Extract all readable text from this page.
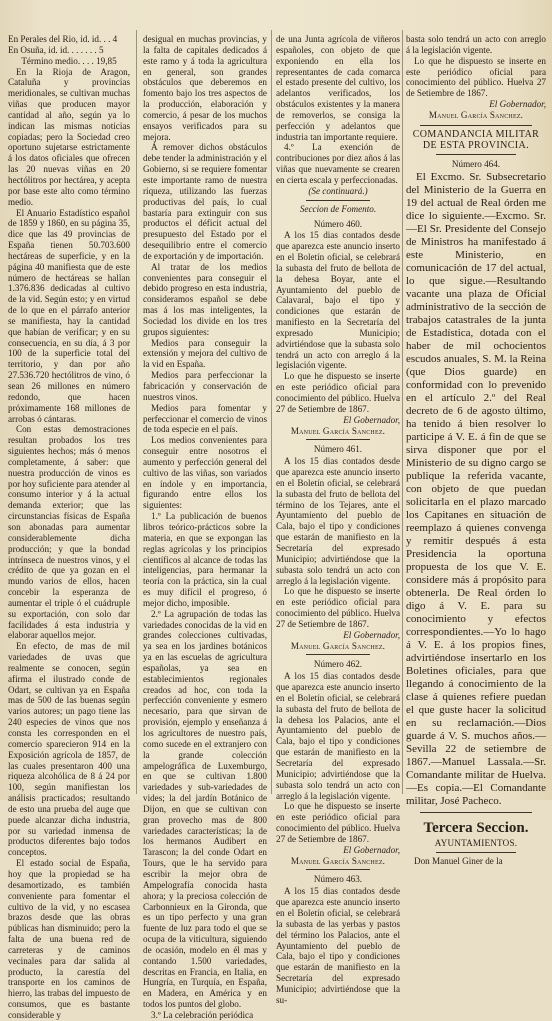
En Perales del Rio, id. id. . . 4

En Osuña, id. id. . . . . . . 5

Término medio. . . . 19,85

En la Rioja de Aragon, Cataluña y provincias meridionales, se cultivan muchas viñas que producen mayor cantidad al año, según ya lo indican las mismas noticias copiadas; pero la Sociedad creo oportuno sujetarse estrictamente á los datos oficiales que ofrecen las 20 nuevas viñas en 20 hectólitros por hectárea, y acepta por base este alto como término medio.

El Anuario Estadístico español de 1859 y 1860, en su página 35, dice que las 49 provincias de España tienen 50.703.600 hectáreas de superficie, y en la página 40 manifiesta que de este número de hectáreas se hallan 1.376.836 dedicadas al cultivo de la vid. Según esto; y en virtud de lo que en el párrafo anterior se manifiesta, hay la cantidad que habían de verificar; y en su consecuencia, en su día, á 3 por 100 de la superficie total del territorio, y dan por año 27.536.720 hectólitros de vino, ó sean 26 millones en número redondo, que hacen próximamente 168 millones de arrobas ó cántaras.

Con estas demostraciones resultan probados los tres siguientes hechos; más ó menos completamente, á saber: que nuestra producción de vinos es por hoy suficiente para atender al consumo interior y á la actual demanda exterior; que las circunstancias físicas de España son abonadas para aumentar considerablemente dicha producción; y que la bondad intrínseca de nuestros vinos, y el crédito de que ya gozan en el mundo varios de ellos, hacen concebir la esperanza de aumentar el triple ó el cuádruple su exportación, con solo dar facilidades á esta industria y elaborar aquellos mejor.

En efecto, de mas de mil variedades de uvas que realmente se conocen, según afirma el ilustrado conde de Odart, se cultivan ya en España mas de 500 de las buenas según varios autores; un pago tiene las 240 especies de vinos que nos consta les corresponden en el comercio sparecieron 914 en la Exposición agrícola de 1857, de las cuales presentaron 400 una riqueza alcohólica de 8 á 24 por 100, según manifiestan los análisis practicados; resultando de esto una prueba del auge que puede alcanzar dicha industria, por su variedad inmensa de productos diferentes bajo todos conceptos.

El estado social de España, hoy que la propiedad se ha desamortizado, es también conveniente para fomentar el cultivo de la vid, y no escasea brazos desde que las obras públicas han disminuido; pero la falta de una buena red de carreteras y de caminos vecinales para dar salida al producto, la carestía del transporte en los caminos de hierro, las trabas del impuesto de consumos, que es bastante considerable y

desigual en muchas provincias, y la falta de capitales dedicados á este ramo y á toda la agricultura en general, son grandes obstáculos que deberemos en fomento bajo los tres aspectos de la producción, elaboración y comercio, á pesar de los muchos ensayos verificados para su mejora.

Á remover dichos obstáculos debe tender la administración y el Gobierno, si se requiere fomentar este importante ramo de nuestra riqueza, utilizando las fuerzas productivas del país, lo cual bastaría para extinguir con sus productos el déficit actual del presupuesto del Estado por el desequilibrio entre el comercio de exportación y de importación.

Al tratar de los medios convenientes para conseguir el debido progreso en esta industria, consideramos español se debe mas á los mas inteligentes, la Sociedad los divide en los tres grupos siguientes:

Medios para conseguir la extensión y mejora del cultivo de la vid en España.

Medios para perfeccionar la fabricación y conservación de nuestros vinos.

Medios para fomentar y perfeccionar el comercio de vinos de toda especie en el país.

Los medios convenientes para conseguir entre nosotros el aumento y perfección general del cultivo de las viñas, son variados en índole y en importancia, figurando entre ellos los siguientes:

1.º La publicación de buenos libros teórico-prácticos sobre la materia, en que se expongan las reglas agrícolas y los principios científicos al alcance de todas las inteligencias, para hermanar la teoría con la práctica, sin la cual es muy difícil el progreso, ó mejor dicho, imposible.

2.º La agrupación de todas las variedades conocidas de la vid en grandes colecciones cultivadas, ya sea en los jardines botánicos ya en las escuelas de agricultura españolas, ya sea en establecimientos regionales creados ad hoc, con toda la perfección conveniente y esmero necesario, para que sirvan de provisión, ejemplo y enseñanza á los agricultores de nuestro país, como sucede en el extranjero con la grande colección ampelográfica de Luxemburgo, en que se cultivan 1.800 variedades y sub-variedades de vides; la del jardín Botánico de Dijon, en que se cultivan con gran provecho mas de 800 variedades características; la de los hermanos Audibert en Tarascon; la del conde Odart en Tours, que le ha servido para escribir la mejor obra de Ampelografía conocida hasta ahora; y la preciosa colección de Carbonnieux en la Gironda, que es un tipo perfecto y una gran fuente de luz para todo el que se ocupa de la viticultura, siguiendo de ocasión, modelo en él mas y contando 1.500 variedades, descritas en Francia, en Italia, en Hungría, en Turquía, en España, en Madera, en América y en todos los puntos del globo.

3.º La celebración periódica

de una Junta agrícola de viñeros españoles, con objeto de que exponiendo en ella los representantes de cada comarca el estado presente del cultivo, los adelantos verificados, los obstáculos existentes y la manera de removerlos, se consiga la perfección y adelantos que industria tan importante requiere.

4.º La exención de contribuciones por diez años á las viñas que nuevamente se crearen en cierta escala y perfeccionadas.

(Se continuará.)

Seccion de Fomento.

Número 460.

A los 15 dias contados desde que aparezca este anuncio inserto en el Boletín oficial, se celebrará la subasta del fruto de bellota de la dehesa Boyar, ante el Ayuntamiento del pueblo de Calavaral, bajo el tipo y condiciones que estarán de manifiesto en la Secretaría del expresado Municipio; advirtiéndose que la subasta solo tendrá un acto con arreglo á la legislación vigente.

Lo que he dispuesto se inserte en este periódico oficial para conocimiento del público. Huelva 27 de Setiembre de 1867.

El Gobernador,

Manuel García Sanchez.

Número 461.

A los 15 dias contados desde que aparezca este anuncio inserto en el Boletín oficial, se celebrará la subasta del fruto de bellota del término de los Tejares, ante el Ayuntamiento del pueblo de Cala, bajo el tipo y condiciones que estarán de manifiesto en la Secretaría del expresado Municipio; advirtiéndose que la subasta solo tendrá un acto con arreglo á la legislación vigente.

Lo que he dispuesto se inserte en este periódico oficial para conocimiento del público. Huelva 27 de Setiembre de 1867.

El Gobernador,

Manuel García Sanchez.

Número 462.

A los 15 dias contados desde que aparezca este anuncio inserto en el Boletín oficial, se celebrará la subasta del fruto de bellota de la dehesa los Palacios, ante el Ayuntamiento del pueblo de Cala, bajo el tipo y condiciones que estarán de manifiesto en la Secretaría del expresado Municipio; advirtiéndose que la subasta solo tendrá un acto con arreglo á la legislación vigente.

Lo que he dispuesto se inserte en este periódico oficial para conocimiento del público. Huelva 27 de Setiembre de 1867.

El Gobernador,

Manuel García Sanchez.

Número 463.

A los 15 dias contados desde que aparezca este anuncio inserto en el Boletín oficial, se celebrará la subasta de las yerbas y pastos del término los Palacios, ante el Ayuntamiento del pueblo de Cala, bajo el tipo y condiciones que estarán de manifiesto en la Secretaría del expresado Municipio; advirtiéndose que la su-

basta solo tendrá un acto con arreglo á la legislación vigente.

Lo que he dispuesto se inserte en este periódico oficial para conocimiento del público. Huelva 27 de Setiembre de 1867.

El Gobernador,

Manuel García Sanchez.

COMANDANCIA MILITAR DE ESTA PROVINCIA.

Número 464.

El Excmo. Sr. Subsecretario del Ministerio de la Guerra en 19 del actual de Real órden me dice lo siguiente.—Excmo. Sr.—El Sr. Presidente del Consejo de Ministros ha manifestado á este Ministerio, en comunicación de 17 del actual, lo que sigue.—Resultando vacante una plaza de Oficial administrativo de la sección de trabajos catastrales de la junta de Estadística, dotada con el haber de mil ochocientos escudos anuales, S. M. la Reina (que Dios guarde) en conformidad con lo prevenido en el artículo 2.º del Real decreto de 6 de agosto último, ha tenido á bien resolver lo participe á V. E. á fin de que se sirva disponer que por el Ministerio de su digno cargo se publique la referida vacante, con objeto de que puedan solicitarla en el plazo marcado los Capitanes en situación de reemplazo á quienes convenga y remitir después á esta Presidencia la oportuna propuesta de los que V. E. considere más á propósito para obtenerla. De Real órden lo digo á V. E. para su conocimiento y efectos correspondientes.—Yo lo hago á V. E. á los propios fines, advirtiéndose insertarlo en los Boletines oficiales, para que llegando á conocimiento de la clase á quienes refiere puedan el que guste hacer la solicitud en su reclamación.—Dios guarde á V. S. muchos años.—Sevilla 22 de setiembre de 1867.—Manuel Lassala.—Sr. Comandante militar de Huelva.—Es copia.—El Comandante militar, José Pacheco.

Tercera Seccion.

AYUNTAMIENTOS.

Don Manuel Giner de la
